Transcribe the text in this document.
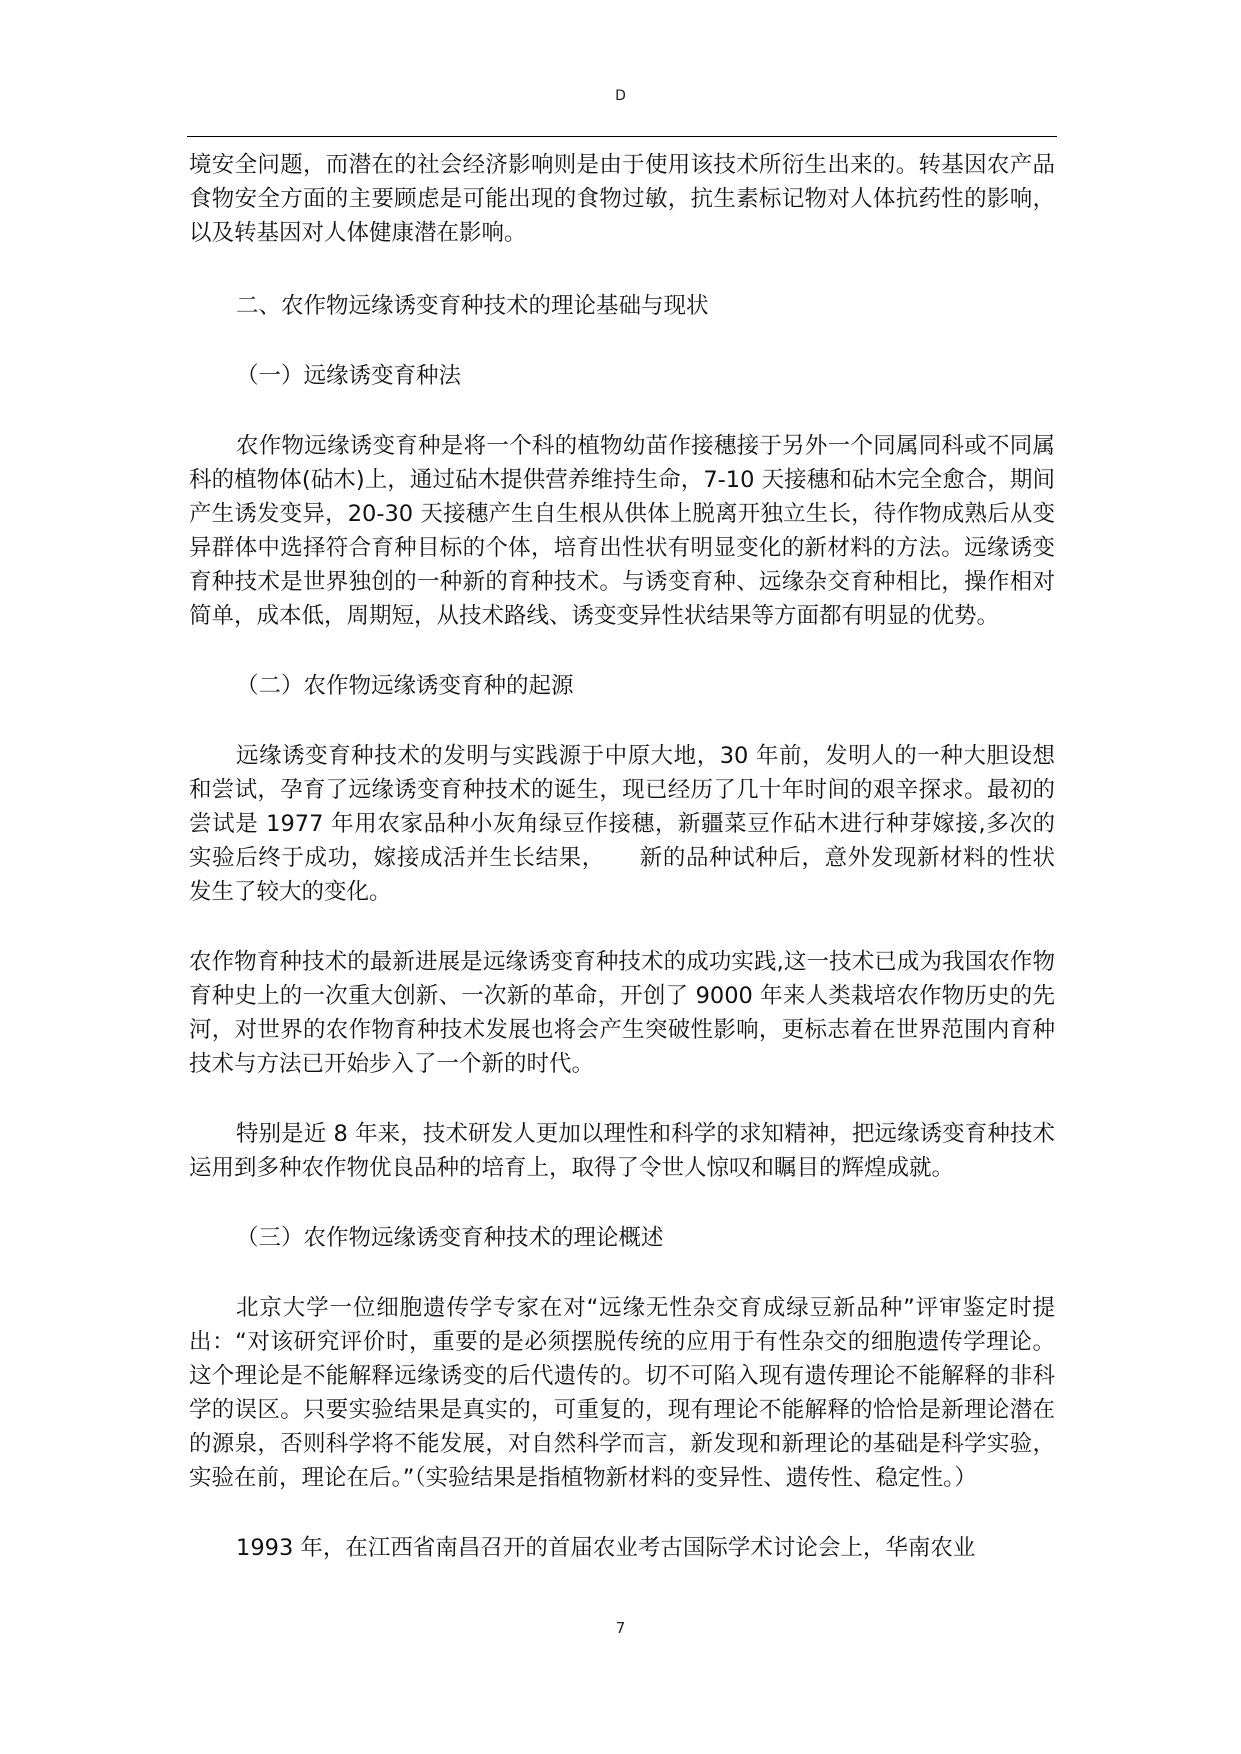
D

境安全问题，而潜在的社会经济影响则是由于使用该技术所衍生出来的。转基因农产品食物安全方面的主要顾虑是可能出现的食物过敏，抗生素标记物对人体抗药性的影响，以及转基因对人体健康潜在影响。

二、农作物远缘诱变育种技术的理论基础与现状

（一）远缘诱变育种法

农作物远缘诱变育种是将一个科的植物幼苗作接穗接于另外一个同属同科或不同属科的植物体(砧木)上，通过砧木提供营养维持生命，7-10 天接穗和砧木完全愈合，期间产生诱发变异，20-30 天接穗产生自生根从供体上脱离开独立生长，待作物成熟后从变异群体中选择符合育种目标的个体，培育出性状有明显变化的新材料的方法。远缘诱变育种技术是世界独创的一种新的育种技术。与诱变育种、远缘杂交育种相比，操作相对简单，成本低，周期短，从技术路线、诱变变异性状结果等方面都有明显的优势。

（二）农作物远缘诱变育种的起源

远缘诱变育种技术的发明与实践源于中原大地，30 年前，发明人的一种大胆设想和尝试，孕育了远缘诱变育种技术的诞生，现已经历了几十年时间的艰辛探求。最初的尝试是 1977 年用农家品种小灰角绿豆作接穗，新疆菜豆作砧木进行种芽嫁接,多次的实验后终于成功，嫁接成活并生长结果，　　新的品种试种后，意外发现新材料的性状发生了较大的变化。

农作物育种技术的最新进展是远缘诱变育种技术的成功实践,这一技术已成为我国农作物育种史上的一次重大创新、一次新的革命，开创了 9000 年来人类栽培农作物历史的先河，对世界的农作物育种技术发展也将会产生突破性影响，更标志着在世界范围内育种技术与方法已开始步入了一个新的时代。

特别是近 8 年来，技术研发人更加以理性和科学的求知精神，把远缘诱变育种技术运用到多种农作物优良品种的培育上，取得了令世人惊叹和瞩目的辉煌成就。

（三）农作物远缘诱变育种技术的理论概述

北京大学一位细胞遗传学专家在对“远缘无性杂交育成绿豆新品种”评审鉴定时提出：“对该研究评价时，重要的是必须摆脱传统的应用于有性杂交的细胞遗传学理论。这个理论是不能解释远缘诱变的后代遗传的。切不可陷入现有遗传理论不能解释的非科学的误区。只要实验结果是真实的，可重复的，现有理论不能解释的恰恰是新理论潜在的源泉，否则科学将不能发展，对自然科学而言，新发现和新理论的基础是科学实验，实验在前，理论在后。”（实验结果是指植物新材料的变异性、遗传性、稳定性。）

1993 年，在江西省南昌召开的首届农业考古国际学术讨论会上，华南农业

7
